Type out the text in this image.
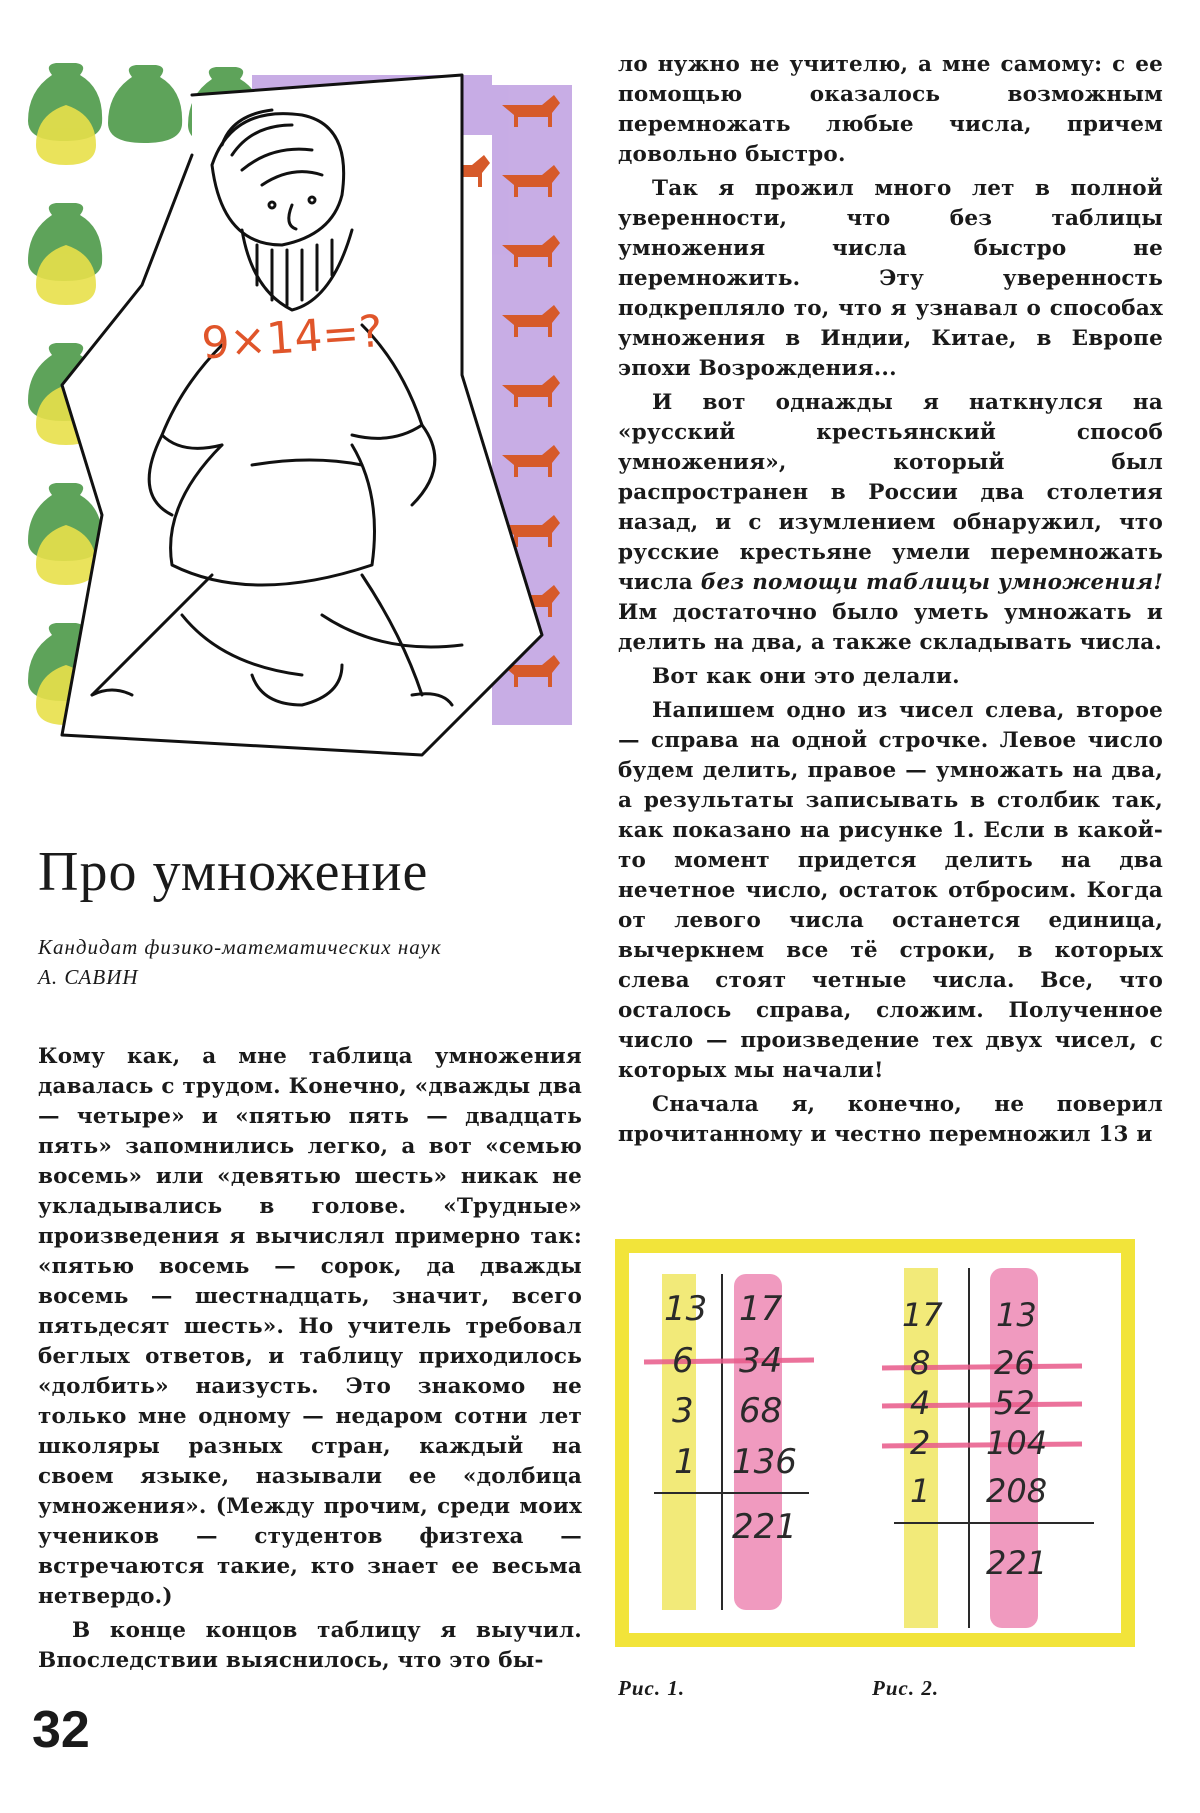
9×14=?
Про умножение
Кандидат физико-математических наук
А. САВИН

Кому как, а мне таблица умножения давалась с трудом. Конечно, «дважды два — четыре» и «пятью пять — двадцать пять» запомнились легко, а вот «семью восемь» или «девятью шесть» никак не укладывались в голове. «Трудные» произведения я вычислял примерно так: «пятью восемь — сорок, да дважды восемь — шестнадцать, значит, всего пятьдесят шесть». Но учитель требовал беглых ответов, и таблицу приходилось «долбить» наизусть. Это знакомо не только мне одному — недаром сотни лет школяры разных стран, каждый на своем языке, называли ее «долбица умножения». (Между прочим, среди моих учеников — студентов физтеха — встречаются такие, кто знает ее весьма нетвердо.)

В конце концов таблицу я выучил. Впоследствии выяснилось, что это бы-

ло нужно не учителю, а мне самому: с ее помощью оказалось возможным перемножать любые числа, причем довольно быстро.

Так я прожил много лет в полной уверенности, что без таблицы умножения числа быстро не перемножить. Эту уверенность подкрепляло то, что я узнавал о способах умножения в Индии, Китае, в Европе эпохи Возрождения...

И вот однажды я наткнулся на «русский крестьянский способ умножения», который был распространен в России два столетия назад, и с изумлением обнаружил, что русские крестьяне умели перемножать числа без помощи таблицы умножения! Им достаточно было уметь умножать и делить на два, а также складывать числа.

Вот как они это делали.

Напишем одно из чисел слева, второе — справа на одной строчке. Левое число будем делить, правое — умножать на два, а результаты записывать в столбик так, как показано на рисунке 1. Если в какой-то момент придется делить на два нечетное число, остаток отбросим. Когда от левого числа останется единица, вычеркнем все тё строки, в которых слева стоят четные числа. Все, что осталось справа, сложим. Полученное число — произведение тех двух чисел, с которых мы начали!

Сначала я, конечно, не поверил прочитанному и честно перемножил 13 и

13
6
3
1
17
34
68
136
221
17
8
4
2
1
13
26
52
104
208
221
Рис. 1.	Рис. 2.
32
